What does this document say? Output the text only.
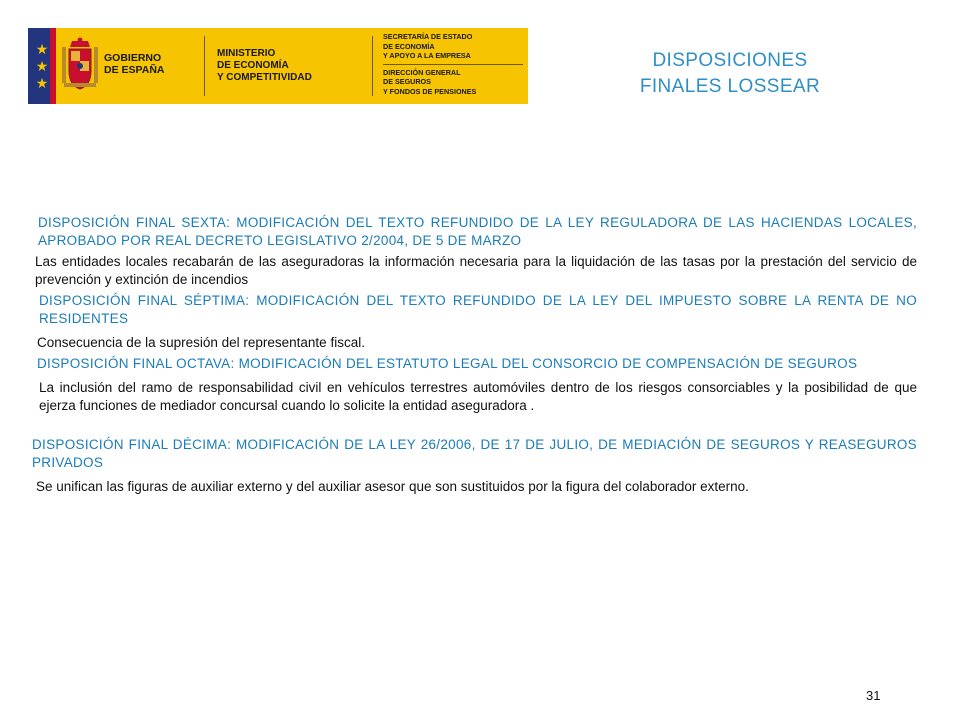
★
★
★
GOBIERNO
DE ESPAÑA
MINISTERIO
DE ECONOMÍA
Y COMPETITIVIDAD
SECRETARÍA DE ESTADO
DE ECONOMÍA
Y APOYO A LA EMPRESA
DIRECCIÓN GENERAL
DE SEGUROS
Y FONDOS DE PENSIONES
DISPOSICIONES
FINALES LOSSEAR

DISPOSICIÓN FINAL SEXTA: MODIFICACIÓN DEL TEXTO REFUNDIDO DE LA LEY REGULADORA DE LAS HACIENDAS LOCALES, APROBADO POR REAL DECRETO LEGISLATIVO 2/2004, DE 5 DE MARZO

Las entidades locales recabarán de las aseguradoras la información necesaria para la liquidación de las tasas por la prestación del servicio de prevención y extinción de incendios

DISPOSICIÓN FINAL SÉPTIMA: MODIFICACIÓN DEL TEXTO REFUNDIDO DE LA LEY DEL IMPUESTO SOBRE LA RENTA DE NO RESIDENTES

Consecuencia de la supresión del representante fiscal.

DISPOSICIÓN FINAL OCTAVA: MODIFICACIÓN DEL ESTATUTO LEGAL DEL CONSORCIO DE COMPENSACIÓN DE SEGUROS

La inclusión del ramo de responsabilidad civil en vehículos terrestres automóviles dentro de los riesgos consorciables y la posibilidad de que ejerza funciones de mediador concursal cuando lo solicite la entidad aseguradora .

DISPOSICIÓN FINAL DÉCIMA: MODIFICACIÓN DE LA LEY 26/2006, DE 17 DE JULIO, DE MEDIACIÓN DE SEGUROS Y REASEGUROS PRIVADOS

Se unifican las figuras de auxiliar externo y del auxiliar asesor que son sustituidos por la figura del colaborador externo.

31
